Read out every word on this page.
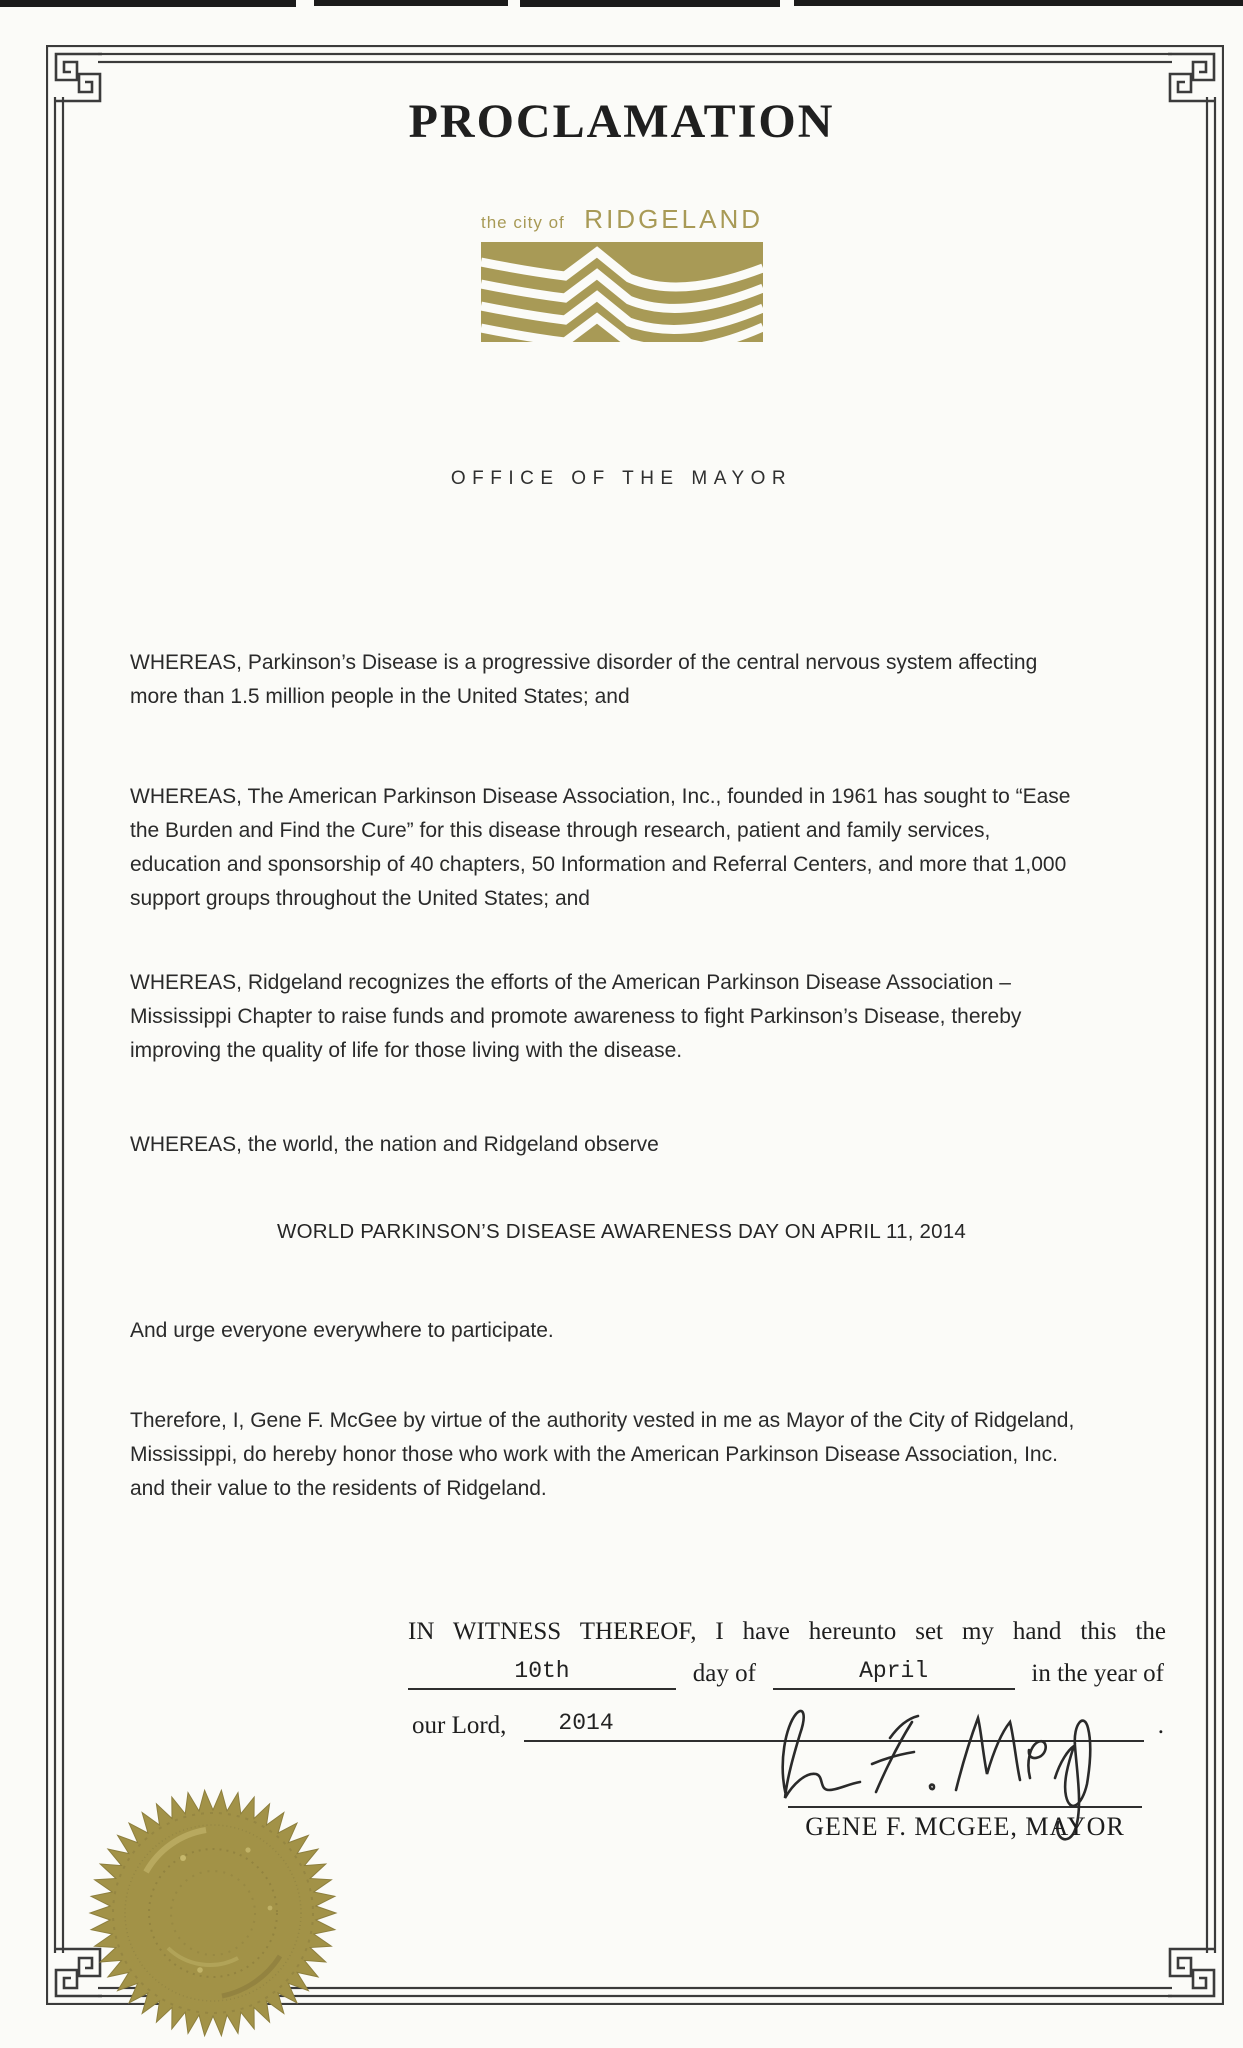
PROCLAMATION
the city of RIDGELAND
OFFICE OF THE MAYOR

WHEREAS, Parkinson’s Disease is a progressive disorder of the central nervous system affecting more than 1.5 million people in the United States; and

WHEREAS, The American Parkinson Disease Association, Inc., founded in 1961 has sought to “Ease the Burden and Find the Cure” for this disease through research, patient and family services, education and sponsorship of 40 chapters, 50 Information and Referral Centers, and more that 1,000 support groups throughout the United States; and

WHEREAS, Ridgeland recognizes the efforts of the American Parkinson Disease Association – Mississippi Chapter to raise funds and promote awareness to fight Parkinson’s Disease, thereby improving the quality of life for those living with the disease.

WHEREAS, the world, the nation and Ridgeland observe

WORLD PARKINSON’S DISEASE AWARENESS DAY ON APRIL 11, 2014

And urge everyone everywhere to participate.

Therefore, I, Gene F. McGee by virtue of the authority vested in me as Mayor of the City of Ridgeland, Mississippi, do hereby honor those who work with the American Parkinson Disease Association, Inc. and their value to the residents of Ridgeland.

IN WITNESS THEREOF, I have hereunto set my hand this the
10th	day of	April	in the year of
our Lord,	2014	.
GENE F. MCGEE, MAYOR
